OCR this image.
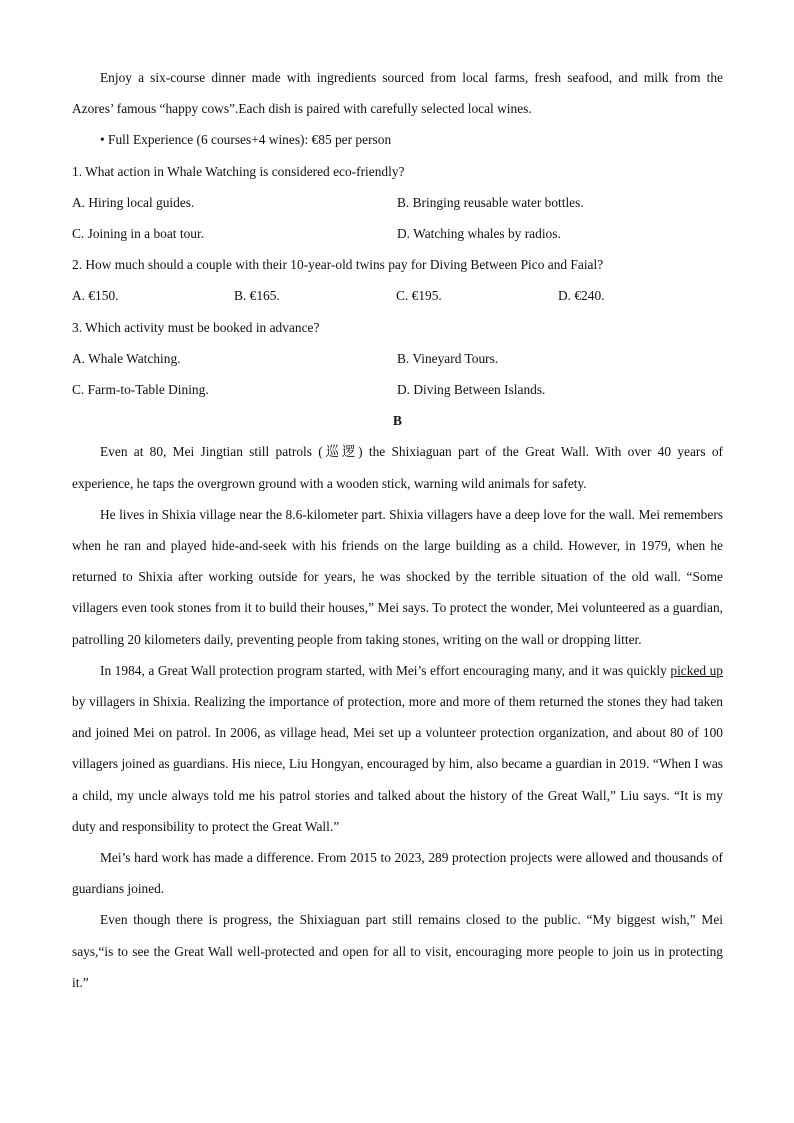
Enjoy a six-course dinner made with ingredients sourced from local farms, fresh seafood, and milk from the Azores’ famous “happy cows”.Each dish is paired with carefully selected local wines.

• Full Experience (6 courses+4 wines): €85 per person

1. What action in Whale Watching is considered eco-friendly?

A. Hiring local guides.	B. Bringing reusable water bottles.
C. Joining in a boat tour.	D. Watching whales by radios.

2. How much should a couple with their 10-year-old twins pay for Diving Between Pico and Faial?

A. €150.	B. €165.	C. €195.	D. €240.

3. Which activity must be booked in advance?

A. Whale Watching.	B. Vineyard Tours.
C. Farm-to-Table Dining.	D. Diving Between Islands.

B

Even at 80, Mei Jingtian still patrols (巡逻) the Shixiaguan part of the Great Wall. With over 40 years of experience, he taps the overgrown ground with a wooden stick, warning wild animals for safety.

He lives in Shixia village near the 8.6-kilometer part. Shixia villagers have a deep love for the wall. Mei remembers when he ran and played hide-and-seek with his friends on the large building as a child. However, in 1979, when he returned to Shixia after working outside for years, he was shocked by the terrible situation of the old wall. “Some villagers even took stones from it to build their houses,” Mei says. To protect the wonder, Mei volunteered as a guardian, patrolling 20 kilometers daily, preventing people from taking stones, writing on the wall or dropping litter.

In 1984, a Great Wall protection program started, with Mei’s effort encouraging many, and it was quickly picked up by villagers in Shixia. Realizing the importance of protection, more and more of them returned the stones they had taken and joined Mei on patrol. In 2006, as village head, Mei set up a volunteer protection organization, and about 80 of 100 villagers joined as guardians. His niece, Liu Hongyan, encouraged by him, also became a guardian in 2019. “When I was a child, my uncle always told me his patrol stories and talked about the history of the Great Wall,” Liu says. “It is my duty and responsibility to protect the Great Wall.”

Mei’s hard work has made a difference. From 2015 to 2023, 289 protection projects were allowed and thousands of guardians joined.

Even though there is progress, the Shixiaguan part still remains closed to the public. “My biggest wish,” Mei says,“is to see the Great Wall well-protected and open for all to visit, encouraging more people to join us in protecting it.”
